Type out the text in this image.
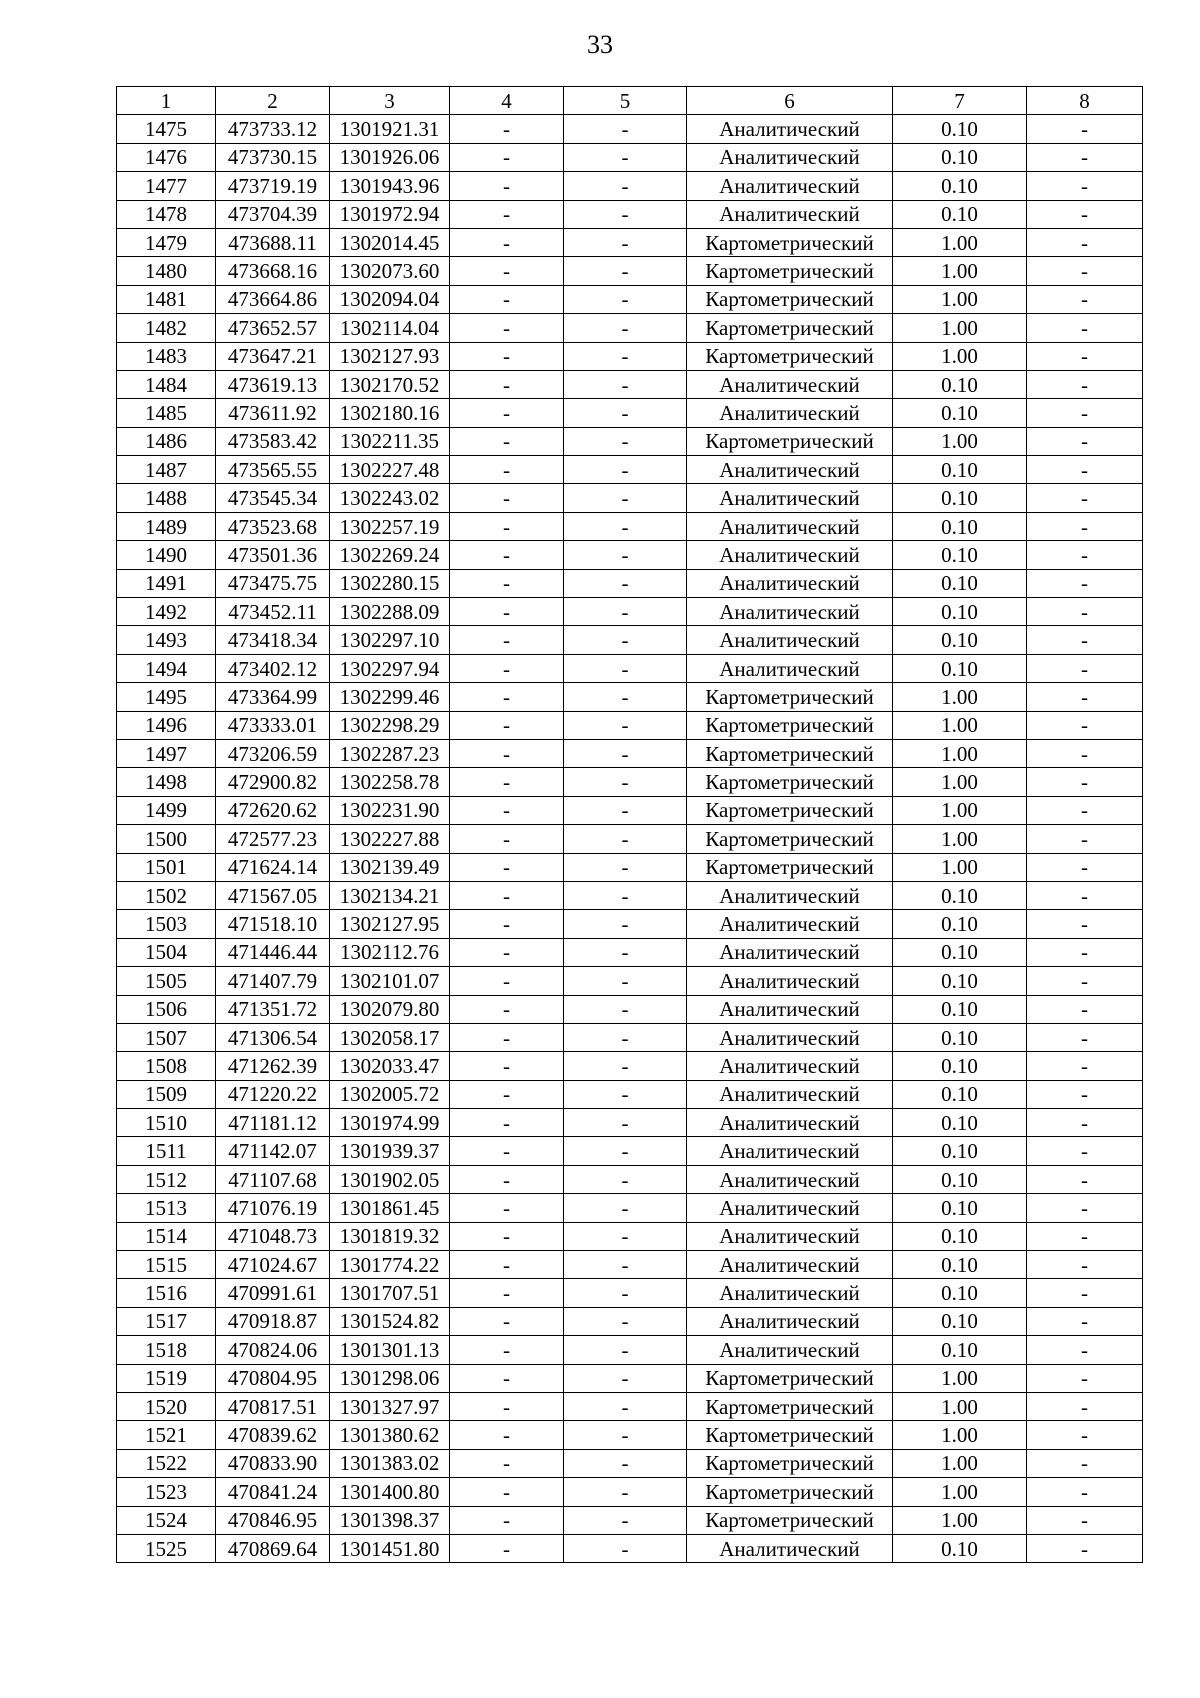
33
1	2	3	4	5	6	7	8
1475	473733.12	1301921.31	-	-	Аналитический	0.10	-
1476	473730.15	1301926.06	-	-	Аналитический	0.10	-
1477	473719.19	1301943.96	-	-	Аналитический	0.10	-
1478	473704.39	1301972.94	-	-	Аналитический	0.10	-
1479	473688.11	1302014.45	-	-	Картометрический	1.00	-
1480	473668.16	1302073.60	-	-	Картометрический	1.00	-
1481	473664.86	1302094.04	-	-	Картометрический	1.00	-
1482	473652.57	1302114.04	-	-	Картометрический	1.00	-
1483	473647.21	1302127.93	-	-	Картометрический	1.00	-
1484	473619.13	1302170.52	-	-	Аналитический	0.10	-
1485	473611.92	1302180.16	-	-	Аналитический	0.10	-
1486	473583.42	1302211.35	-	-	Картометрический	1.00	-
1487	473565.55	1302227.48	-	-	Аналитический	0.10	-
1488	473545.34	1302243.02	-	-	Аналитический	0.10	-
1489	473523.68	1302257.19	-	-	Аналитический	0.10	-
1490	473501.36	1302269.24	-	-	Аналитический	0.10	-
1491	473475.75	1302280.15	-	-	Аналитический	0.10	-
1492	473452.11	1302288.09	-	-	Аналитический	0.10	-
1493	473418.34	1302297.10	-	-	Аналитический	0.10	-
1494	473402.12	1302297.94	-	-	Аналитический	0.10	-
1495	473364.99	1302299.46	-	-	Картометрический	1.00	-
1496	473333.01	1302298.29	-	-	Картометрический	1.00	-
1497	473206.59	1302287.23	-	-	Картометрический	1.00	-
1498	472900.82	1302258.78	-	-	Картометрический	1.00	-
1499	472620.62	1302231.90	-	-	Картометрический	1.00	-
1500	472577.23	1302227.88	-	-	Картометрический	1.00	-
1501	471624.14	1302139.49	-	-	Картометрический	1.00	-
1502	471567.05	1302134.21	-	-	Аналитический	0.10	-
1503	471518.10	1302127.95	-	-	Аналитический	0.10	-
1504	471446.44	1302112.76	-	-	Аналитический	0.10	-
1505	471407.79	1302101.07	-	-	Аналитический	0.10	-
1506	471351.72	1302079.80	-	-	Аналитический	0.10	-
1507	471306.54	1302058.17	-	-	Аналитический	0.10	-
1508	471262.39	1302033.47	-	-	Аналитический	0.10	-
1509	471220.22	1302005.72	-	-	Аналитический	0.10	-
1510	471181.12	1301974.99	-	-	Аналитический	0.10	-
1511	471142.07	1301939.37	-	-	Аналитический	0.10	-
1512	471107.68	1301902.05	-	-	Аналитический	0.10	-
1513	471076.19	1301861.45	-	-	Аналитический	0.10	-
1514	471048.73	1301819.32	-	-	Аналитический	0.10	-
1515	471024.67	1301774.22	-	-	Аналитический	0.10	-
1516	470991.61	1301707.51	-	-	Аналитический	0.10	-
1517	470918.87	1301524.82	-	-	Аналитический	0.10	-
1518	470824.06	1301301.13	-	-	Аналитический	0.10	-
1519	470804.95	1301298.06	-	-	Картометрический	1.00	-
1520	470817.51	1301327.97	-	-	Картометрический	1.00	-
1521	470839.62	1301380.62	-	-	Картометрический	1.00	-
1522	470833.90	1301383.02	-	-	Картометрический	1.00	-
1523	470841.24	1301400.80	-	-	Картометрический	1.00	-
1524	470846.95	1301398.37	-	-	Картометрический	1.00	-
1525	470869.64	1301451.80	-	-	Аналитический	0.10	-
